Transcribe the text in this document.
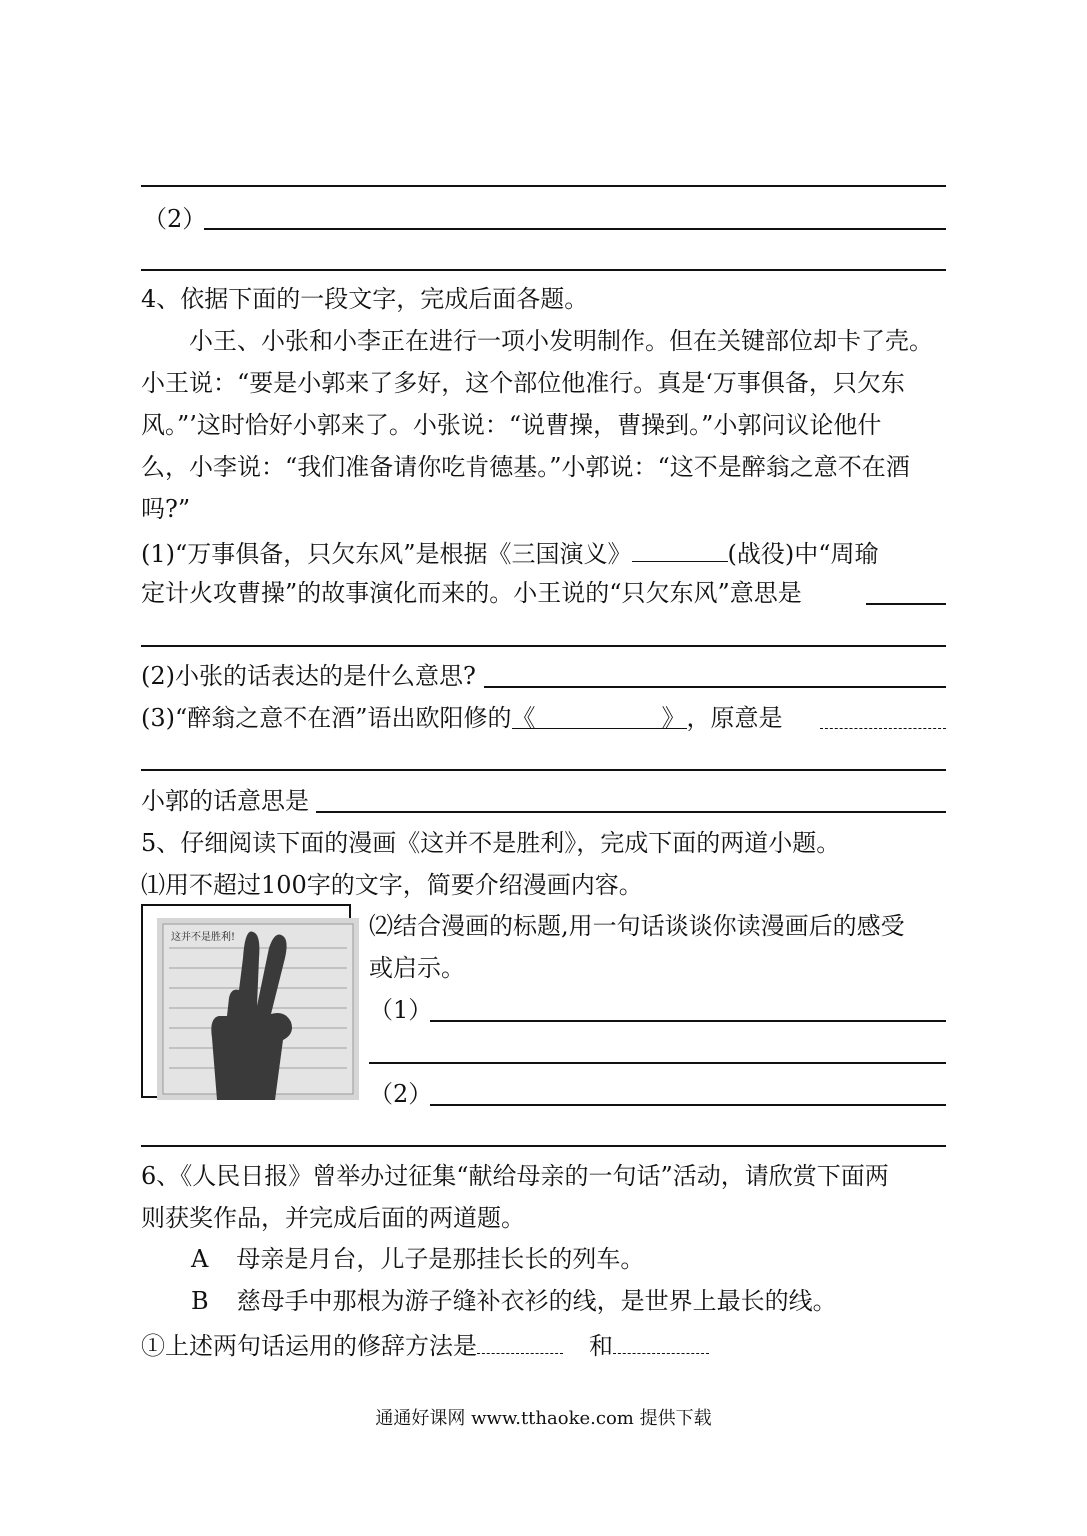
（2）
4、依据下面的一段文字，完成后面各题。
小王、小张和小李正在进行一项小发明制作。但在关键部位却卡了壳。
小王说：“要是小郭来了多好，这个部位他准行。真是‘万事俱备，只欠东
风。”’这时恰好小郭来了。小张说：“说曹操，曹操到。”小郭问议论他什
么，小李说：“我们准备请你吃肯德基。”小郭说：“这不是醉翁之意不在酒
吗?”
(1)“万事俱备，只欠东风”是根据《三国演义》	(战役)中“周瑜
定计火攻曹操”的故事演化而来的。小王说的“只欠东风”意思是
(2)小张的话表达的是什么意思?
(3)“醉翁之意不在酒”语出欧阳修的《	》，原意是
小郭的话意思是
5、仔细阅读下面的漫画《这并不是胜利》，完成下面的两道小题。
⑴用不超过100字的文字，简要介绍漫画内容。
这并不是胜利!	⑵结合漫画的标题,用一句话谈谈你读漫画后的感受
或启示。
（1）
（2）
6、《人民日报》曾举办过征集“献给母亲的一句话”活动，请欣赏下面两
则获奖作品，并完成后面的两道题。
A 母亲是月台，儿子是那挂长长的列车。
B 慈母手中那根为游子缝补衣衫的线，是世界上最长的线。
①上述两句话运用的修辞方法是	和
通通好课网 www.tthaoke.com 提供下载
